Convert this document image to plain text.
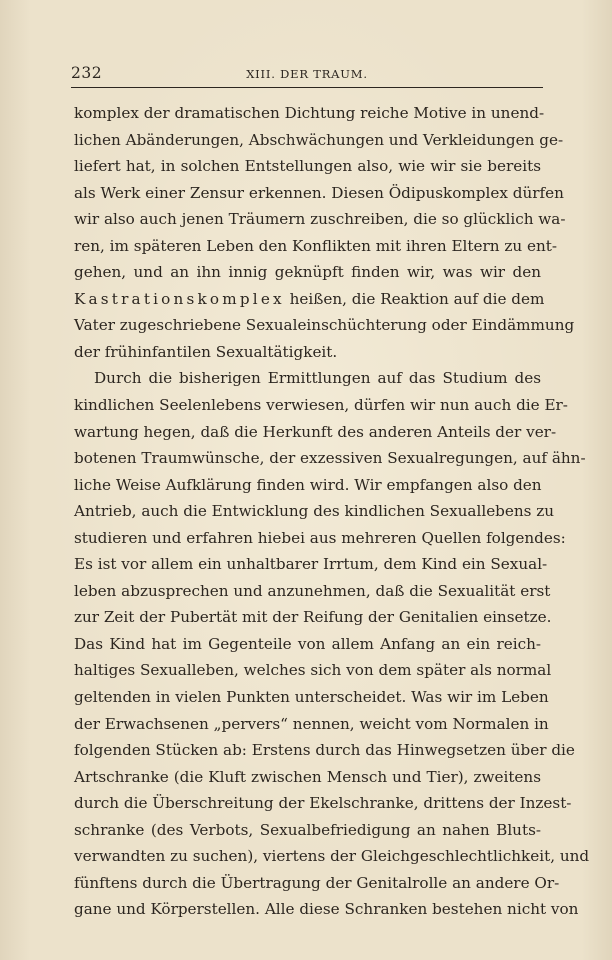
232	XIII. DER TRAUM.
komplex der dramatischen Dichtung reiche Motive in unend-
lichen Abänderungen, Abschwächungen und Verkleidungen ge-
liefert hat, in solchen Entstellungen also, wie wir sie bereits
als Werk einer Zensur erkennen. Diesen Ödipuskomplex dürfen
wir also auch jenen Träumern zuschreiben, die so glücklich wa-
ren, im späteren Leben den Konflikten mit ihren Eltern zu ent-
gehen, und an ihn innig geknüpft finden wir, was wir den
Kastrationskomplex heißen, die Reaktion auf die dem
Vater zugeschriebene Sexualeinschüchterung oder Eindämmung
der frühinfantilen Sexualtätigkeit.
Durch die bisherigen Ermittlungen auf das Studium des
kindlichen Seelenlebens verwiesen, dürfen wir nun auch die Er-
wartung hegen, daß die Herkunft des anderen Anteils der ver-
botenen Traumwünsche, der exzessiven Sexualregungen, auf ähn-
liche Weise Aufklärung finden wird. Wir empfangen also den
Antrieb, auch die Entwicklung des kindlichen Sexuallebens zu
studieren und erfahren hiebei aus mehreren Quellen folgendes:
Es ist vor allem ein unhaltbarer Irrtum, dem Kind ein Sexual-
leben abzusprechen und anzunehmen, daß die Sexualität erst
zur Zeit der Pubertät mit der Reifung der Genitalien einsetze.
Das Kind hat im Gegenteile von allem Anfang an ein reich-
haltiges Sexualleben, welches sich von dem später als normal
geltenden in vielen Punkten unterscheidet. Was wir im Leben
der Erwachsenen „pervers“ nennen, weicht vom Normalen in
folgenden Stücken ab: Erstens durch das Hinwegsetzen über die
Artschranke (die Kluft zwischen Mensch und Tier), zweitens
durch die Überschreitung der Ekelschranke, drittens der Inzest-
schranke (des Verbots, Sexualbefriedigung an nahen Bluts-
verwandten zu suchen), viertens der Gleichgeschlechtlichkeit, und
fünftens durch die Übertragung der Genitalrolle an andere Or-
gane und Körperstellen. Alle diese Schranken bestehen nicht von
